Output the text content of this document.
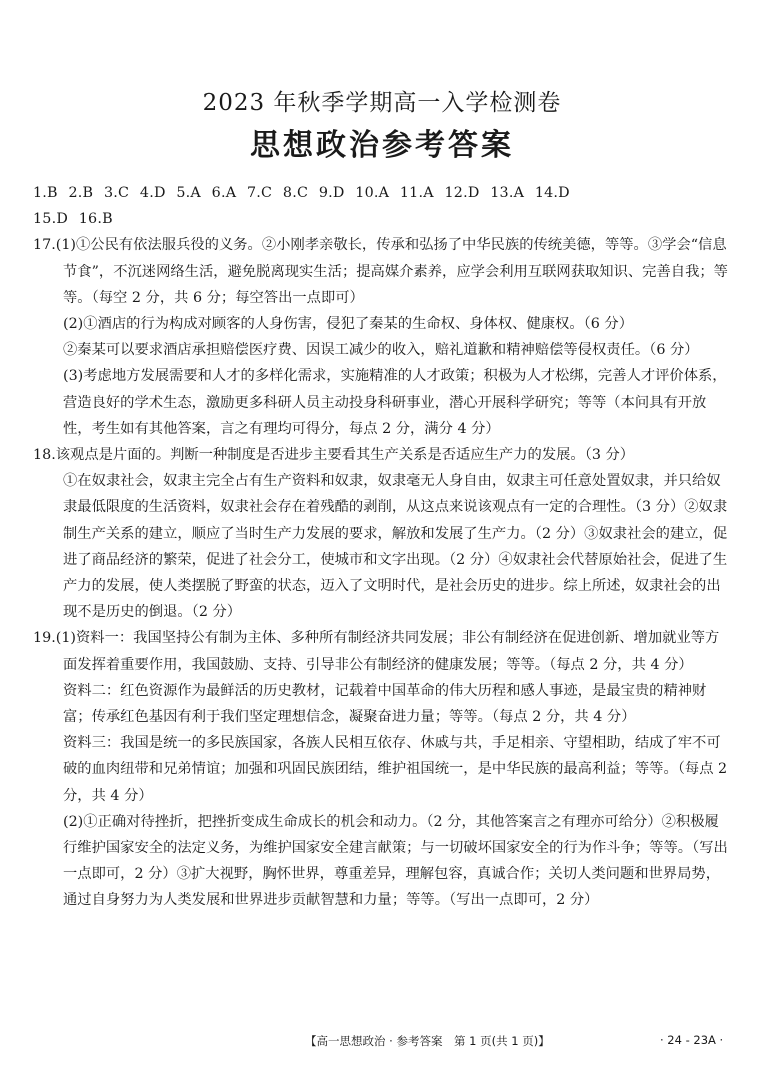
2023 年秋季学期高一入学检测卷
思想政治参考答案

1.B 2.B 3.C 4.D 5.A 6.A 7.C 8.C 9.D 10.A 11.A 12.D 13.A 14.D

15.D 16.B

17.(1)①公民有依法服兵役的义务。②小刚孝亲敬长，传承和弘扬了中华民族的传统美德，等等。③学会“信息节食”，不沉迷网络生活，避免脱离现实生活；提高媒介素养，应学会利用互联网获取知识、完善自我；等等。（每空 2 分，共 6 分；每空答出一点即可）

(2)①酒店的行为构成对顾客的人身伤害，侵犯了秦某的生命权、身体权、健康权。（6 分）

②秦某可以要求酒店承担赔偿医疗费、因误工减少的收入，赔礼道歉和精神赔偿等侵权责任。（6 分）

(3)考虑地方发展需要和人才的多样化需求，实施精准的人才政策；积极为人才松绑，完善人才评价体系，营造良好的学术生态，激励更多科研人员主动投身科研事业，潜心开展科学研究；等等（本问具有开放性，考生如有其他答案，言之有理均可得分，每点 2 分，满分 4 分）

18.该观点是片面的。判断一种制度是否进步主要看其生产关系是否适应生产力的发展。（3 分）

①在奴隶社会，奴隶主完全占有生产资料和奴隶，奴隶毫无人身自由，奴隶主可任意处置奴隶，并只给奴隶最低限度的生活资料，奴隶社会存在着残酷的剥削，从这点来说该观点有一定的合理性。（3 分）②奴隶制生产关系的建立，顺应了当时生产力发展的要求，解放和发展了生产力。（2 分）③奴隶社会的建立，促进了商品经济的繁荣，促进了社会分工，使城市和文字出现。（2 分）④奴隶社会代替原始社会，促进了生产力的发展，使人类摆脱了野蛮的状态，迈入了文明时代，是社会历史的进步。综上所述，奴隶社会的出现不是历史的倒退。（2 分）

19.(1)资料一：我国坚持公有制为主体、多种所有制经济共同发展；非公有制经济在促进创新、增加就业等方面发挥着重要作用，我国鼓励、支持、引导非公有制经济的健康发展；等等。（每点 2 分，共 4 分）

资料二：红色资源作为最鲜活的历史教材，记载着中国革命的伟大历程和感人事迹，是最宝贵的精神财富；传承红色基因有利于我们坚定理想信念，凝聚奋进力量；等等。（每点 2 分，共 4 分）

资料三：我国是统一的多民族国家，各族人民相互依存、休戚与共，手足相亲、守望相助，结成了牢不可破的血肉纽带和兄弟情谊；加强和巩固民族团结，维护祖国统一，是中华民族的最高利益；等等。（每点 2 分，共 4 分）

(2)①正确对待挫折，把挫折变成生命成长的机会和动力。（2 分，其他答案言之有理亦可给分）②积极履行维护国家安全的法定义务，为维护国家安全建言献策；与一切破坏国家安全的行为作斗争；等等。（写出一点即可，2 分）③扩大视野，胸怀世界，尊重差异，理解包容，真诚合作；关切人类问题和世界局势，通过自身努力为人类发展和世界进步贡献智慧和力量；等等。（写出一点即可，2 分）

【高一思想政治 · 参考答案　第 1 页(共 1 页)】	· 24 - 23A ·
